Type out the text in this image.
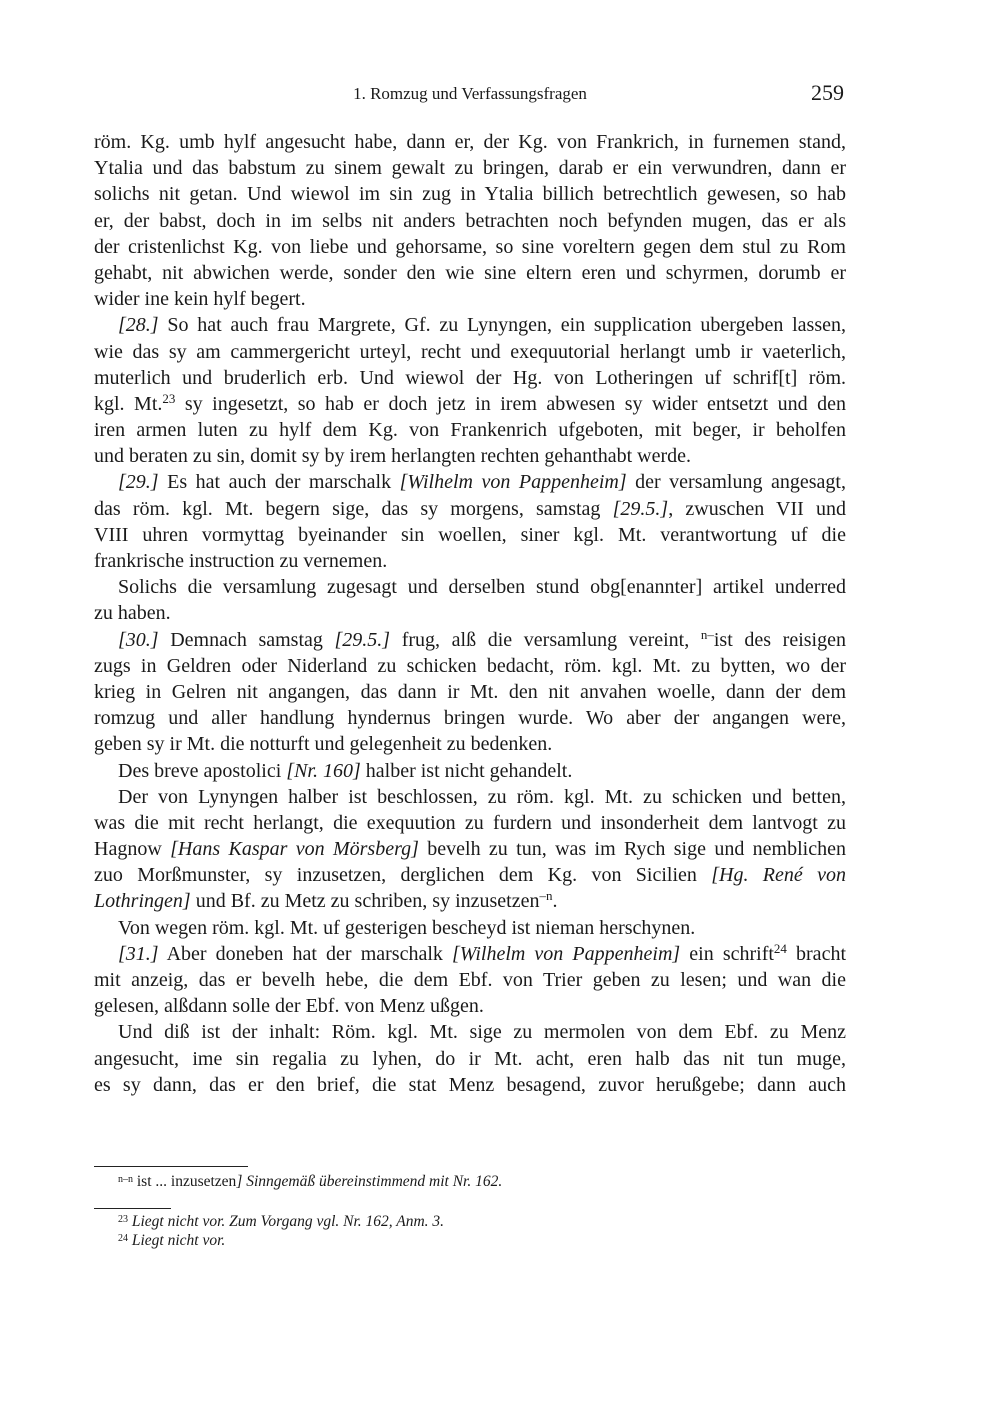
1. Romzug und Verfassungsfragen	259
röm. Kg. umb hylf angesucht habe, dann er, der Kg. von Frankrich, in furnemen stand,
Ytalia und das babstum zu sinem gewalt zu bringen, darab er ein verwundren, dann er
solichs nit getan. Und wiewol im sin zug in Ytalia billich betrechtlich gewesen, so hab
er, der babst, doch in im selbs nit anders betrachten noch befynden mugen, das er als
der cristenlichst Kg. von liebe und gehorsame, so sine voreltern gegen dem stul zu Rom
gehabt, nit abwichen werde, sonder den wie sine eltern eren und schyrmen, dorumb er
wider ine kein hylf begert.
[28.] So hat auch frau Margrete, Gf. zu Lynyngen, ein supplication ubergeben lassen,
wie das sy am cammergericht urteyl, recht und exequutorial herlangt umb ir vaeterlich,
muterlich und bruderlich erb. Und wiewol der Hg. von Lotheringen uf schrif[t] röm.
kgl. Mt.$^{23}$ sy ingesetzt, so hab er doch jetz in irem abwesen sy wider entsetzt und den
iren armen luten zu hylf dem Kg. von Frankenrich ufgeboten, mit beger, ir beholfen
und beraten zu sin, domit sy by irem herlangten rechten gehanthabt werde.
[29.] Es hat auch der marschalk [Wilhelm von Pappenheim] der versamlung angesagt,
das röm. kgl. Mt. begern sige, das sy morgens, samstag [29.5.], zwuschen VII und
VIII uhren vormyttag byeinander sin woellen, siner kgl. Mt. verantwortung uf die
frankrische instruction zu vernemen.
Solichs die versamlung zugesagt und derselben stund obg[enannter] artikel underred
zu haben.
[30.] Demnach samstag [29.5.] frug, alß die versamlung vereint, $^{n-}$ist des reisigen
zugs in Geldren oder Niderland zu schicken bedacht, röm. kgl. Mt. zu bytten, wo der
krieg in Gelren nit angangen, das dann ir Mt. den nit anvahen woelle, dann der dem
romzug und aller handlung hyndernus bringen wurde. Wo aber der angangen were,
geben sy ir Mt. die notturft und gelegenheit zu bedenken.
Des breve apostolici [Nr. 160] halber ist nicht gehandelt.
Der von Lynyngen halber ist beschlossen, zu röm. kgl. Mt. zu schicken und betten,
was die mit recht herlangt, die exequution zu furdern und insonderheit dem lantvogt zu
Hagnow [Hans Kaspar von Mörsberg] bevelh zu tun, was im Rych sige und nemblichen
zuo Morßmunster, sy inzusetzen, derglichen dem Kg. von Sicilien [Hg. René von
Lothringen] und Bf. zu Metz zu schriben, sy inzusetzen$^{-n}$.
Von wegen röm. kgl. Mt. uf gesterigen bescheyd ist nieman herschynen.
[31.] Aber doneben hat der marschalk [Wilhelm von Pappenheim] ein schrift$^{24}$ bracht
mit anzeig, das er bevelh hebe, die dem Ebf. von Trier geben zu lesen; und wan die
gelesen, alßdann solle der Ebf. von Menz ußgen.
Und diß ist der inhalt: Röm. kgl. Mt. sige zu mermolen von dem Ebf. zu Menz
angesucht, ime sin regalia zu lyhen, do ir Mt. acht, eren halb das nit tun muge,
es sy dann, das er den brief, die stat Menz besagend, zuvor herußgebe; dann auch
$^{n-n}$ ist ... inzusetzen] Sinngemäß übereinstimmend mit Nr. 162.
$^{23}$ Liegt nicht vor. Zum Vorgang vgl. Nr. 162, Anm. 3.
$^{24}$ Liegt nicht vor.
